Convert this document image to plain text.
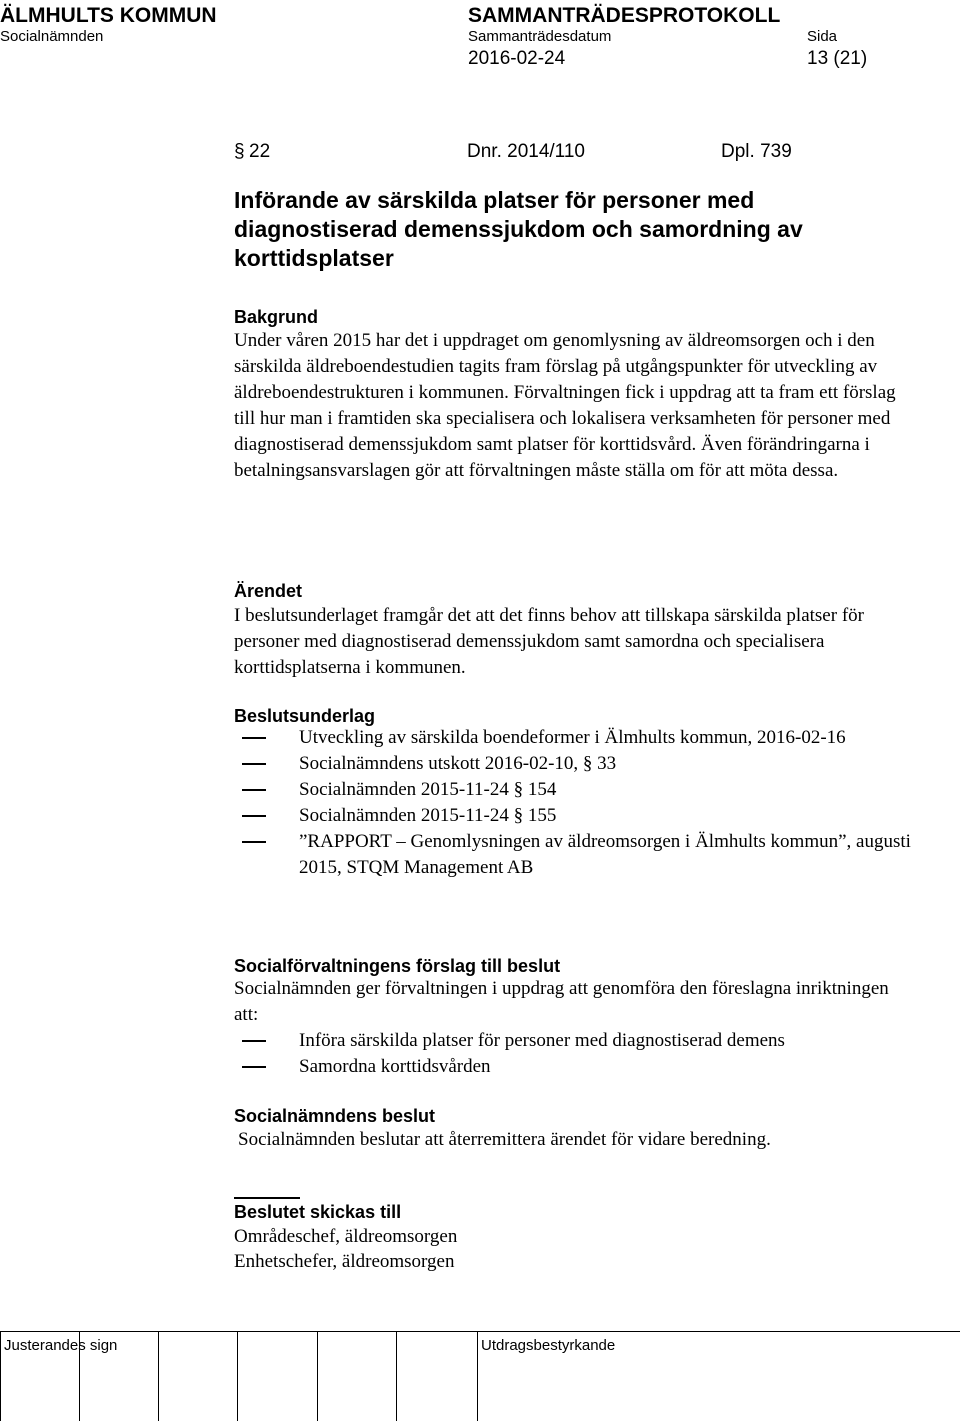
ÄLMHULTS KOMMUN	SAMMANTRÄDESPROTOKOLL
Socialnämnden	Sammanträdesdatum	Sida
2016-02-24	13 (21)
§ 22	Dnr. 2014/110	Dpl. 739
Införande av särskilda platser för personer med diagnostiserad demenssjukdom och samordning av korttidsplatser
Bakgrund
Under våren 2015 har det i uppdraget om genomlysning av äldreomsorgen och i den särskilda äldreboendestudien tagits fram förslag på utgångspunkter för utveckling av äldreboendestrukturen i kommunen. Förvaltningen fick i uppdrag att ta fram ett förslag till hur man i framtiden ska specialisera och lokalisera verksamheten för personer med diagnostiserad demenssjukdom samt platser för korttidsvård. Även förändringarna i betalningsansvarslagen gör att förvaltningen måste ställa om för att möta dessa.
Ärendet
I beslutsunderlaget framgår det att det finns behov att tillskapa särskilda platser för personer med diagnostiserad demenssjukdom samt samordna och specialisera korttidsplatserna i kommunen.
Beslutsunderlag
Utveckling av särskilda boendeformer i Älmhults kommun, 2016-02-16
Socialnämndens utskott 2016-02-10, § 33
Socialnämnden 2015-11-24 § 154
Socialnämnden 2015-11-24 § 155
”RAPPORT – Genomlysningen av äldreomsorgen i Älmhults kommun”, augusti 2015, STQM Management AB
Socialförvaltningens förslag till beslut
Socialnämnden ger förvaltningen i uppdrag att genomföra den föreslagna inriktningen att:
Införa särskilda platser för personer med diagnostiserad demens
Samordna korttidsvården
Socialnämndens beslut
Socialnämnden beslutar att återremittera ärendet för vidare beredning.
Beslutet skickas till
Områdeschef, äldreomsorgen
Enhetschefer, äldreomsorgen
Justerandes sign	Utdragsbestyrkande
